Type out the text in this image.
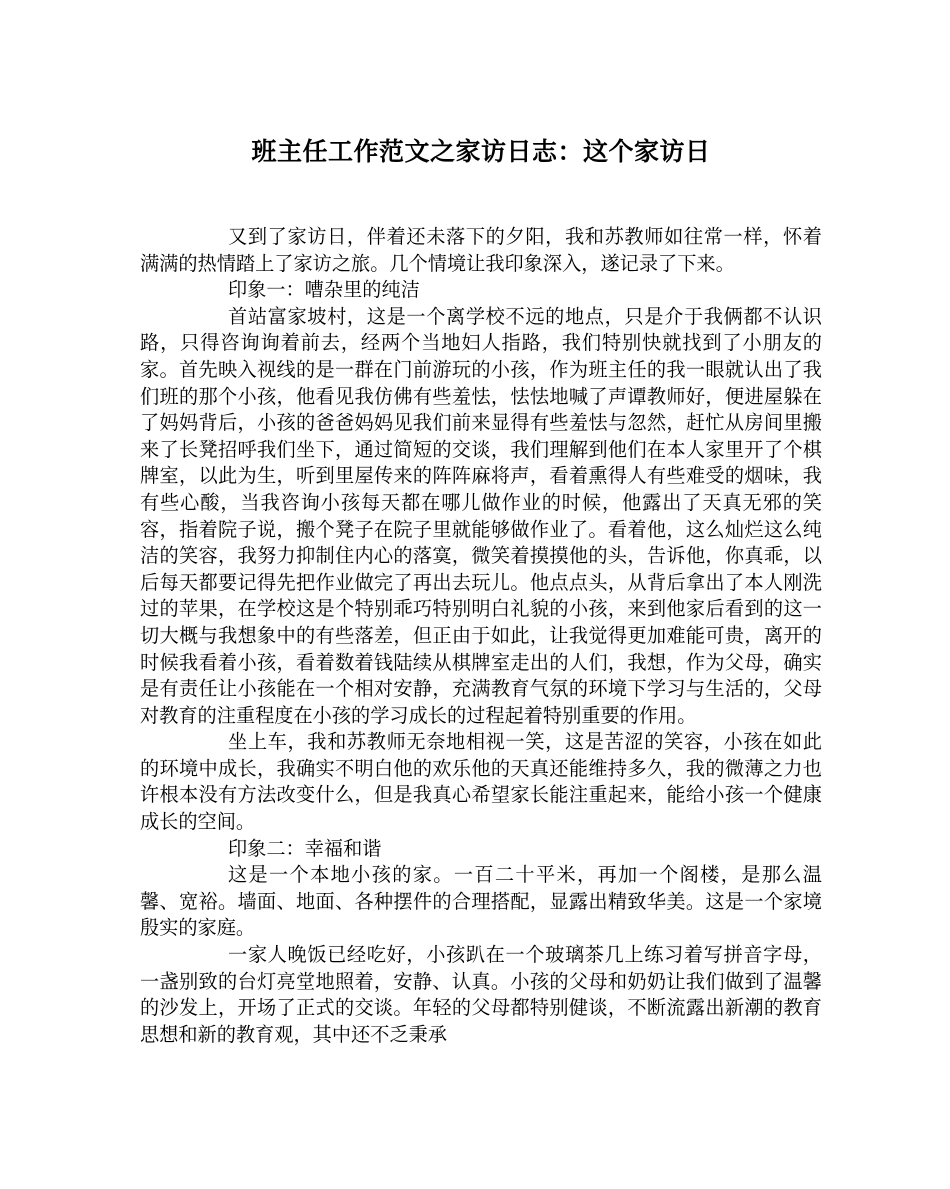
班主任工作范文之家访日志：这个家访日

又到了家访日，伴着还未落下的夕阳，我和苏教师如往常一样，怀着满满的热情踏上了家访之旅。几个情境让我印象深入，遂记录了下来。

印象一：嘈杂里的纯洁

首站富家坡村，这是一个离学校不远的地点，只是介于我俩都不认识路，只得咨询询着前去，经两个当地妇人指路，我们特别快就找到了小朋友的家。首先映入视线的是一群在门前游玩的小孩，作为班主任的我一眼就认出了我们班的那个小孩，他看见我仿佛有些羞怯，怯怯地喊了声谭教师好，便进屋躲在了妈妈背后，小孩的爸爸妈妈见我们前来显得有些羞怯与忽然，赶忙从房间里搬来了长凳招呼我们坐下，通过简短的交谈，我们理解到他们在本人家里开了个棋牌室，以此为生，听到里屋传来的阵阵麻将声，看着熏得人有些难受的烟味，我有些心酸，当我咨询小孩每天都在哪儿做作业的时候，他露出了天真无邪的笑容，指着院子说，搬个凳子在院子里就能够做作业了。看着他，这么灿烂这么纯洁的笑容，我努力抑制住内心的落寞，微笑着摸摸他的头，告诉他，你真乖，以后每天都要记得先把作业做完了再出去玩儿。他点点头，从背后拿出了本人刚洗过的苹果，在学校这是个特别乖巧特别明白礼貌的小孩，来到他家后看到的这一切大概与我想象中的有些落差，但正由于如此，让我觉得更加难能可贵，离开的时候我看着小孩，看着数着钱陆续从棋牌室走出的人们，我想，作为父母，确实是有责任让小孩能在一个相对安静，充满教育气氛的环境下学习与生活的，父母对教育的注重程度在小孩的学习成长的过程起着特别重要的作用。

坐上车，我和苏教师无奈地相视一笑，这是苦涩的笑容，小孩在如此的环境中成长，我确实不明白他的欢乐他的天真还能维持多久，我的微薄之力也许根本没有方法改变什么，但是我真心希望家长能注重起来，能给小孩一个健康成长的空间。

印象二：幸福和谐

这是一个本地小孩的家。一百二十平米，再加一个阁楼，是那么温馨、宽裕。墙面、地面、各种摆件的合理搭配，显露出精致华美。这是一个家境殷实的家庭。

一家人晚饭已经吃好，小孩趴在一个玻璃茶几上练习着写拼音字母，一盏别致的台灯亮堂地照着，安静、认真。小孩的父母和奶奶让我们做到了温馨的沙发上，开场了正式的交谈。年轻的父母都特别健谈，不断流露出新潮的教育思想和新的教育观，其中还不乏秉承
